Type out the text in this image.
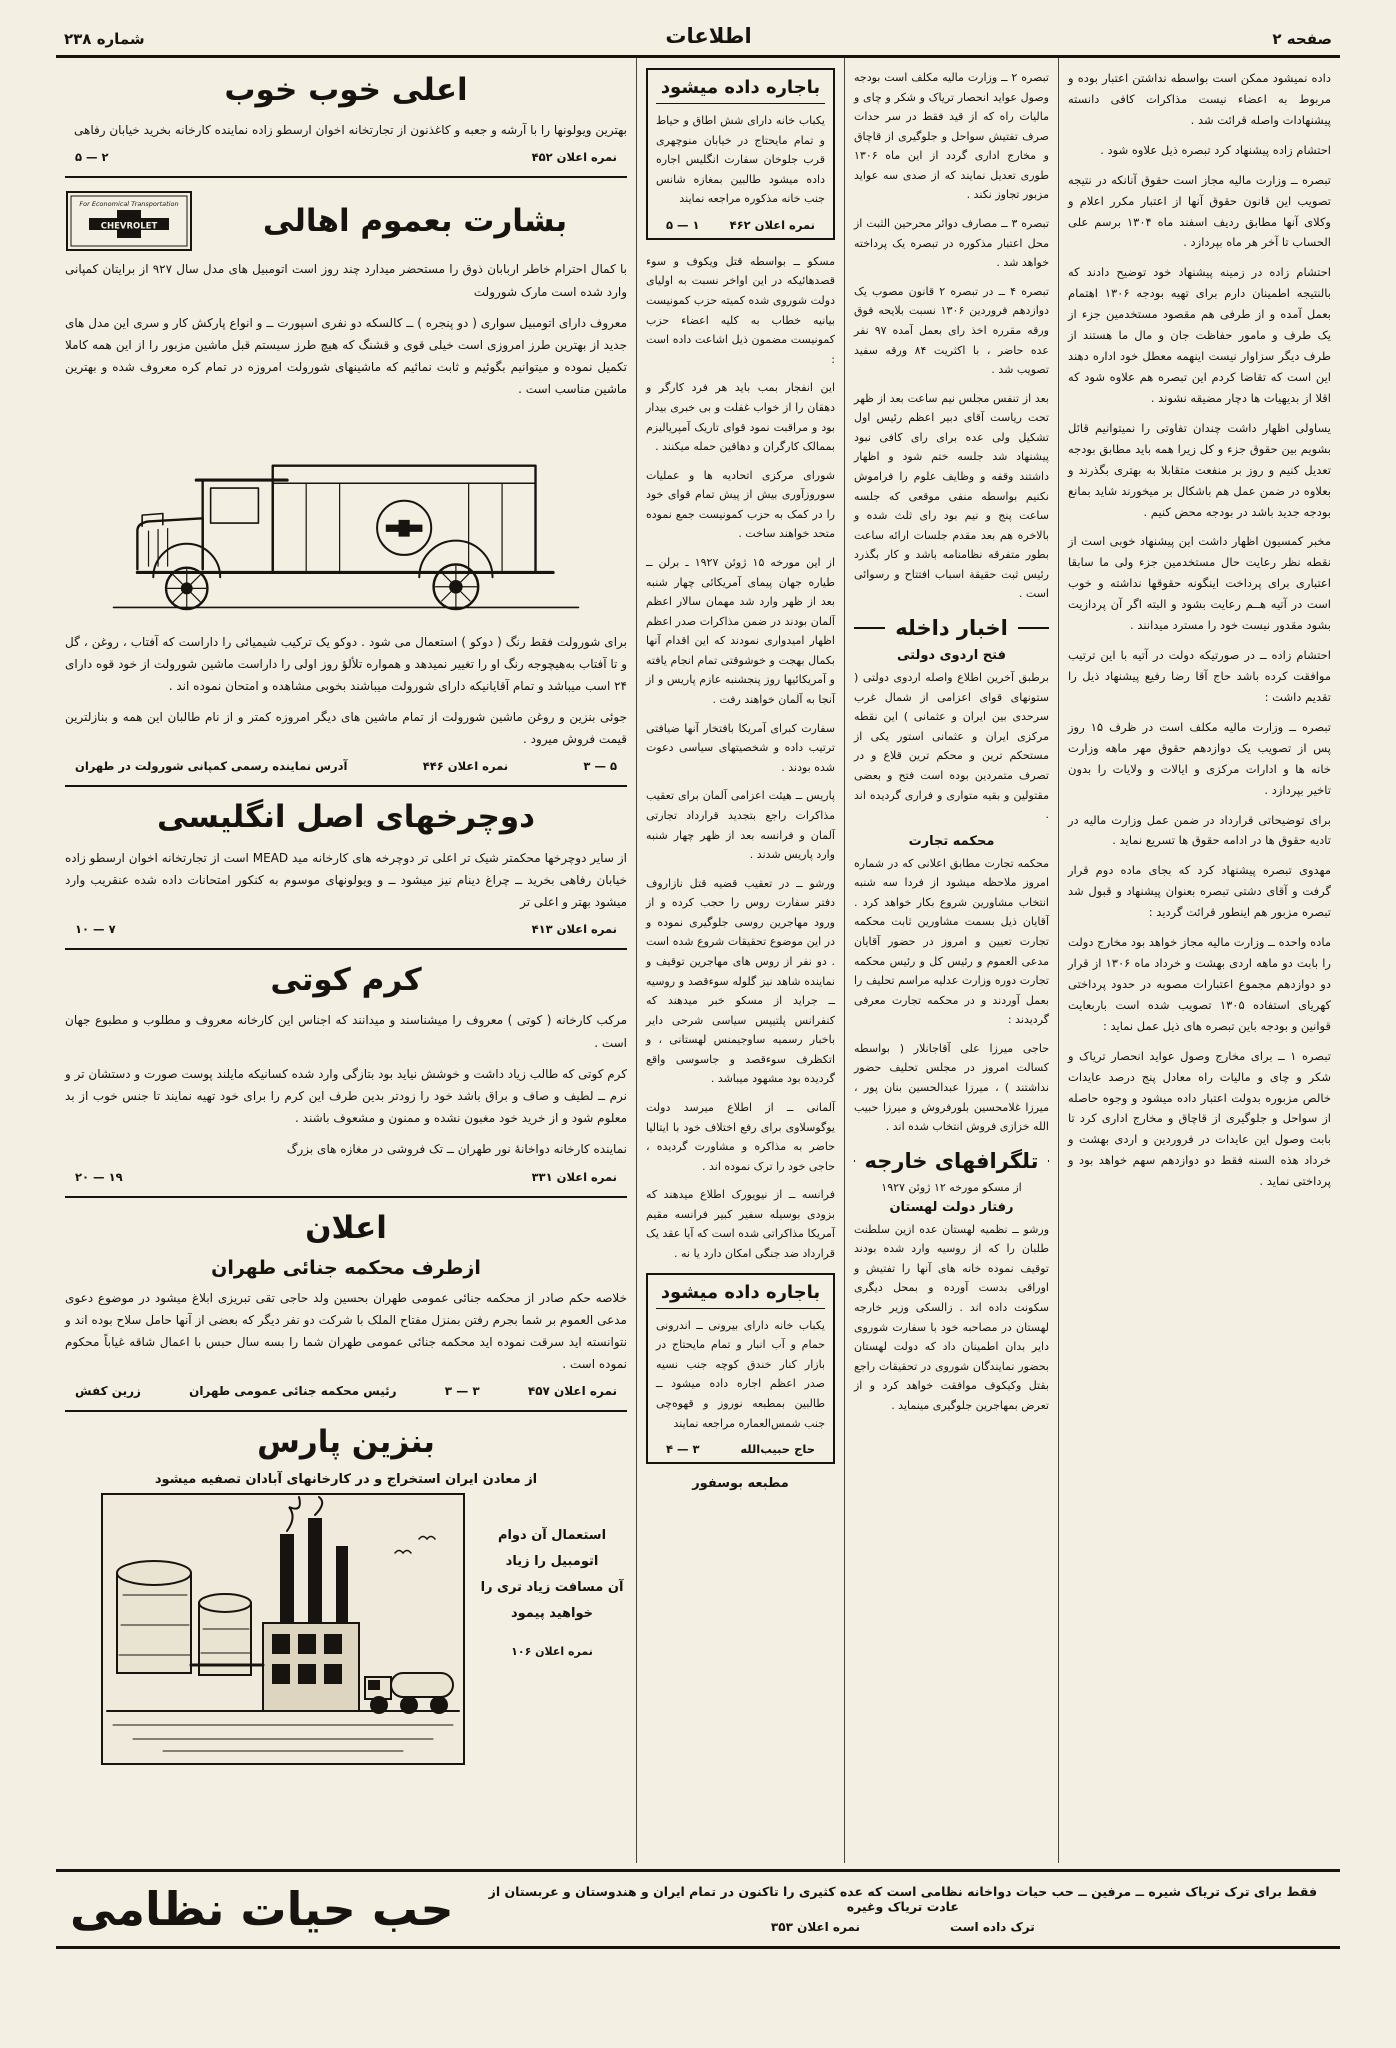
صفحه ۲
اطلاعات
شماره ۲۳۸

داده نمیشود ممکن است بواسطه نداشتن اعتبار بوده و مربوط به اعضاء نیست مذاکرات کافی دانسته پیشنهادات واصله قرائت شد .

احتشام زاده پیشنهاد کرد تبصره ذیل علاوه شود .

تبصره ــ وزارت مالیه مجاز است حقوق آنانکه در نتیجه تصویب این قانون حقوق آنها از اعتبار مکرر اعلام و وکلای آنها مطابق ردیف اسفند ماه ۱۳۰۴ برسم علی الحساب تا آخر هر ماه بپردازد .

احتشام زاده در زمینه پیشنهاد خود توضیح دادند که بالنتیجه اطمینان دارم برای تهیه بودجه ۱۳۰۶ اهتمام بعمل آمده و از طرفی هم مقصود مستخدمین جزء از یک طرف و مامور حفاظت جان و مال ما هستند از طرف دیگر سزاوار نیست اینهمه معطل خود اداره دهند این است که تقاضا کردم این تبصره هم علاوه شود که اقلا از بدیهیات ها دچار مضیقه نشوند .

یساولی اظهار داشت چندان تفاوتی را نمیتوانیم قائل بشویم بین حقوق جزء و کل زیرا همه باید مطابق بودجه تعدیل کنیم و روز بر منفعت متقابلا به بهتری بگذرند و بعلاوه در ضمن عمل هم باشکال بر میخورند شاید بمانع بودجه جدید باشد در بودجه محض کنیم .

مخبر کمسیون اظهار داشت این پیشنهاد خوبی است از نقطه نظر رعایت حال مستخدمین جزء ولی ما سابقا اعتباری برای پرداخت اینگونه حقوقها نداشته و خوب است در آتیه هــم رعایت بشود و البته اگر آن پردازیت بشود مقدور نیست خود را مسترد میدانند .

احتشام زاده ــ در صورتیکه دولت در آتیه با این ترتیب موافقت کرده باشد حاج آقا رضا رفیع پیشنهاد ذیل را تقدیم داشت :

تبصره ــ وزارت مالیه مکلف است در ظرف ۱۵ روز پس از تصویب یک دوازدهم حقوق مهر ماهه وزارت خانه ها و ادارات مرکزی و ایالات و ولایات را بدون تاخیر بپردازد .

برای توضیحاتی قرارداد در ضمن عمل وزارت مالیه در تادیه حقوق ها در ادامه حقوق ها تسریع نماید .

مهدوی تبصره پیشنهاد کرد که بجای ماده دوم قرار گرفت و آقای دشتی تبصره بعنوان پیشنهاد و قبول شد تبصره مزبور هم اینطور قرائت گردید :

ماده واحده ــ وزارت مالیه مجاز خواهد بود مخارج دولت را بابت دو ماهه اردی بهشت و خرداد ماه ۱۳۰۶ از قرار دو دوازدهم مجموع اعتبارات مصوبه در حدود پرداختی کهریای استفاده ۱۳۰۵ تصویب شده است باربعایت قوانین و بودجه باین تبصره های ذیل عمل نماید :

تبصره ۱ ــ برای مخارج وصول عواید انحصار تریاک و شکر و چای و مالیات راه معادل پنج درصد عایدات خالص مزبوره بدولت اعتبار داده میشود و وجوه حاصله از سواحل و جلوگیری از قاچاق و مخارج اداری کرد تا بابت وصول این عایدات در فروردین و اردی بهشت و خرداد هذه السنه فقط دو دوازدهم سهم خواهد بود و پرداختی نماید .

تبصره ۲ ــ وزارت مالیه مکلف است بودجه وصول عواید انحصار تریاک و شکر و چای و مالیات راه که از قید فقط در سر حدات صرف تفتیش سواحل و جلوگیری از قاچاق و مخارج اداری گردد از این ماه ۱۳۰۶ طوری تعدیل نمایند که از صدی سه عواید مزبور تجاوز نکند .

تبصره ۳ ــ مصارف دوائر محرحین الثبت از محل اعتبار مذکوره در تبصره یک پرداخته خواهد شد .

تبصره ۴ ــ در تبصره ۲ قانون مصوب یک دوازدهم فروردین ۱۳۰۶ نسبت بلایحه فوق ورقه مقرره اخذ رای بعمل آمده ۹۷ نفر عده حاضر ، با اکثریت ۸۴ ورقه سفید تصویب شد .

بعد از تنفس مجلس نیم ساعت بعد از ظهر تحت ریاست آقای دبیر اعظم رئیس اول تشکیل ولی عده برای رای کافی نبود پیشنهاد شد جلسه ختم شود و اظهار داشتند وقفه و وظایف علوم را فراموش نکنیم بواسطه منفی موقعی که جلسه ساعت پنج و نیم بود رای ثلث شده و بالاخره هم بعد مقدم جلسات ارائه ساعت بطور متفرقه نظامنامه باشد و کار بگذرد رئیس ثبت حقیقة اسباب افتتاح و رسوائی است .

اخبار داخله
فتح اردوی دولتی

برطبق آخرین اطلاع واصله اردوی دولتی ( ستونهای قوای اعزامی از شمال غرب سرحدی بین ایران و عثمانی ) این نقطه مرکزی ایران و عثمانی استور یکی از مستحکم ترین و محکم ترین قلاع و در تصرف متمردین بوده است فتح و بعضی مقتولین و بقیه متواری و فراری گردیده اند .

محکمه تجارت

محکمه تجارت مطابق اعلانی که در شماره امروز ملاحظه میشود از فردا سه شنبه انتخاب مشاورین شروع بکار خواهد کرد . آقایان ذیل بسمت مشاورین ثابت محکمه تجارت تعیین و امروز در حضور آقایان مدعی العموم و رئیس کل و رئیس محکمه تجارت دوره وزارت عدلیه مراسم تحلیف را بعمل آوردند و در محکمه تجارت معرفی گردیدند :

حاجی میرزا علی آقاجانلار ( بواسطه کسالت امروز در مجلس تحلیف حضور نداشتند ) ، میرزا عبدالحسین بنان پور ، میرزا غلامحسین بلورفروش و میرزا حبیب الله خزازی فروش انتخاب شده اند .

تلگرافهای خارجه
از مسکو مورخه ۱۲ ژوئن ۱۹۲۷
رفتار دولت لهستان

ورشو ــ نظمیه لهستان عده ازین سلطنت طلبان را که از روسیه وارد شده بودند توقیف نموده خانه های آنها را تفتیش و اوراقی بدست آورده و بمحل دیگری سکونت داده اند . زالسکی وزیر خارجه لهستان در مصاحبه خود با سفارت شوروی دایر بدان اطمینان داد که دولت لهستان بحضور نمایندگان شوروی در تحقیقات راجع بقتل وکیکوف موافقت خواهد کرد و از تعرض بمهاجرین جلوگیری مینماید .

باجاره داده میشود

یکباب خانه دارای شش اطاق و حیاط و تمام مایحتاج در خیابان منوچهری قرب جلوخان سفارت انگلیس اجاره داده میشود طالبین بمغازه شانس جنب خانه مذکوره مراجعه نمایند

نمره اعلان ۴۶۲
۱ — ۵

مسکو ــ بواسطه قتل ویکوف و سوء قصدهائیکه در این اواخر نسبت به اولیای دولت شوروی شده کمیته حزب کمونیست بیانیه خطاب به کلیه اعضاء حزب کمونیست مضمون ذیل اشاعت داده است :

این انفجار بمب باید هر فرد کارگر و دهقان را از خواب غفلت و بی خبری بیدار بود و مراقبت نمود قوای تاریک آمپریالیزم بممالک کارگران و دهاقین حمله میکنند .

شورای مرکزی اتحادیه ها و عملیات سوروزآوری بیش از پیش تمام قوای خود را در کمک به حزب کمونیست جمع نموده متحد خواهند ساخت .

از این مورخه ۱۵ ژوئن ۱۹۲۷ ـ برلن ــ طیاره جهان پیمای آمریکائی چهار شنبه بعد از ظهر وارد شد مهمان سالار اعظم آلمان بودند در ضمن مذاکرات صدر اعظم اظهار امیدواری نمودند که این اقدام آنها بکمال بهجت و خوشوقتی تمام انجام یافته و آمریکائیها روز پنجشنبه عازم پاریس و از آنجا به آلمان خواهند رفت .

سفارت کبرای آمریکا بافتخار آنها ضیافتی ترتیب داده و شخصیتهای سیاسی دعوت شده بودند .

پاریس ــ هیئت اعزامی آلمان برای تعقیب مذاکرات راجع بتجدید قرارداد تجارتی آلمان و فرانسه بعد از ظهر چهار شنبه وارد پاریس شدند .

ورشو ــ در تعقیب قضیه قتل نازاروف دفتر سفارت روس را حجب کرده و از ورود مهاجرین روسی جلوگیری نموده و در این موضوع تحقیقات شروع شده است . دو نفر از روس های مهاجرین توقیف و نماینده شاهد نیز گلوله سوءقصد و روسیه ــ جراید از مسکو خبر میدهند که کنفرانس پلتیپس سیاسی شرحی دایر باخبار رسمیه ساوجیمنس لهستانی ، و اتکظرف سوءقصد و جاسوسی واقع گردیده بود مشهود میباشد .

آلمانی ــ از اطلاع میرسد دولت یوگوسلاوی برای رفع اختلاف خود با ایتالیا حاضر به مذاکره و مشاورت گردیده ، حاجی خود را ترک نموده اند .

فرانسه ــ از نیویورک اطلاع میدهند که بزودی بوسیله سفیر کبیر فرانسه مقیم آمریکا مذاکراتی شده است که آیا عقد یک قرارداد ضد جنگی امکان دارد یا نه .

باجاره داده میشود

یکباب خانه دارای بیرونی ــ اندرونی حمام و آب انبار و تمام مایحتاج در بازار کنار خندق کوچه جنب نسیه صدر اعظم اجاره داده میشود ــ طالبین بمطبعه نوروز و قهوه‌چی جنب شمس‌العماره مراجعه نمایند

حاج حبیب‌الله
۳ — ۴
مطبعه بوسفور
اعلی خوب خوب

بهترین ویولونها را با آرشه و جعبه و کاغذنون از تجارتخانه اخوان ارسطو زاده نماینده کارخانه بخرید خیابان رفاهی

نمره اعلان ۴۵۲
۲ — ۵
بشارت بعموم اهالی
For Economical Transportation
CHEVROLET

با کمال احترام خاطر اربابان ذوق را مستحضر میدارد چند روز است اتومبیل های مدل سال ۹۲۷ از برایتان کمپانی وارد شده است مارک شورولت

معروف دارای اتومبیل سواری ( دو پنجره ) ــ کالسکه دو نفری اسپورت ــ و انواع پارکش کار و سری این مدل های جدید از بهترین طرز امروزی است خیلی قوی و قشنگ که هیچ طرز سیستم قبل ماشین مزبور را از این همه کاملا تکمیل نموده و میتوانیم بگوئیم و ثابت نمائیم که ماشینهای شورولت امروزه در تمام کره معروف شده و بهترین ماشین مناسب است .

برای شورولت فقط رنگ ( دوکو ) استعمال می شود . دوکو یک ترکیب شیمیائی را داراست که آفتاب ، روغن ، گل و تا آفتاب به‌هیچوجه رنگ او را تغییر نمیدهد و همواره تلألؤ روز اولی را داراست ماشین شورولت از خود قوه دارای ۲۴ اسب میباشد و تمام آقایانیکه دارای شورولت میباشند بخوبی مشاهده و امتحان نموده اند .

جوئی بنزین و روغن ماشین شورولت از تمام ماشین های دیگر امروزه کمتر و از نام طالبان این همه و بنازلترین قیمت فروش میرود .

۵ — ۳
نمره اعلان ۴۴۶
آدرس نماینده رسمی کمپانی شورولت در طهران
دوچرخهای اصل انگلیسی

از سایر دوچرخها محکمتر شیک تر اعلی تر دوچرخه های کارخانه مید MEAD است از تجارتخانه اخوان ارسطو زاده خیابان رفاهی بخرید ــ چراغ دینام نیز میشود ــ و ویولونهای موسوم به کنکور امتحانات داده شده عنقریب وارد میشود بهتر و اعلی تر

نمره اعلان ۴۱۳
۷ — ۱۰
کرم کوتی

مرکب کارخانه ( کوتی ) معروف را میشناسند و میدانند که اجناس این کارخانه معروف و مطلوب و مطبوع جهان است .

کرم کوتی که طالب زیاد داشت و خوشش نیاید بود بتازگی وارد شده کسانیکه مایلند پوست صورت و دستشان تر و نرم ــ لطیف و صاف و براق باشد خود را زودتر بدین طرف این کرم را برای خود تهیه نمایند تا جنس خوب از بد معلوم شود و از خرید خود مغبون نشده و ممنون و مشعوف باشند .

نماینده کارخانه دواخانهٔ نور طهران ــ تک فروشی در مغازه های بزرگ

نمره اعلان ۳۳۱
۱۹ — ۲۰
اعلان
ازطرف محکمه جنائی طهران

خلاصه حکم صادر از محکمه جنائی عمومی طهران بحسین ولد حاجی تقی تبریزی ابلاغ میشود در موضوع دعوی مدعی العموم بر شما بجرم رفتن بمنزل مفتاح الملک با شرکت دو نفر دیگر که بعضی از آنها حامل سلاح بوده اند و نتوانسته اید سرقت نموده اید محکمه جنائی عمومی طهران شما را بسه سال حبس با اعمال شاقه غیاباً محکوم نموده است .

نمره اعلان ۴۵۷
۳ — ۳
رئیس محکمه جنائی عمومی طهران
زرین کفش
بنزین پارس
از معادن ایران استخراج و در کارخانهای آبادان تصفیه میشود
استعمال آن دوام اتومبیل را زیاد
آن مسافت زیاد تری را
خواهید پیمود
نمره اعلان ۱۰۶

فقط برای ترک تریاک شیره ــ مرفین ــ حب حیات دواخانه نظامی است که عده کثیری را تاکنون در تمام ایران و هندوستان و عربستان از عادت تریاک وغیره

ترک داده است
نمره اعلان ۳۵۳
حب حیات نظامی
